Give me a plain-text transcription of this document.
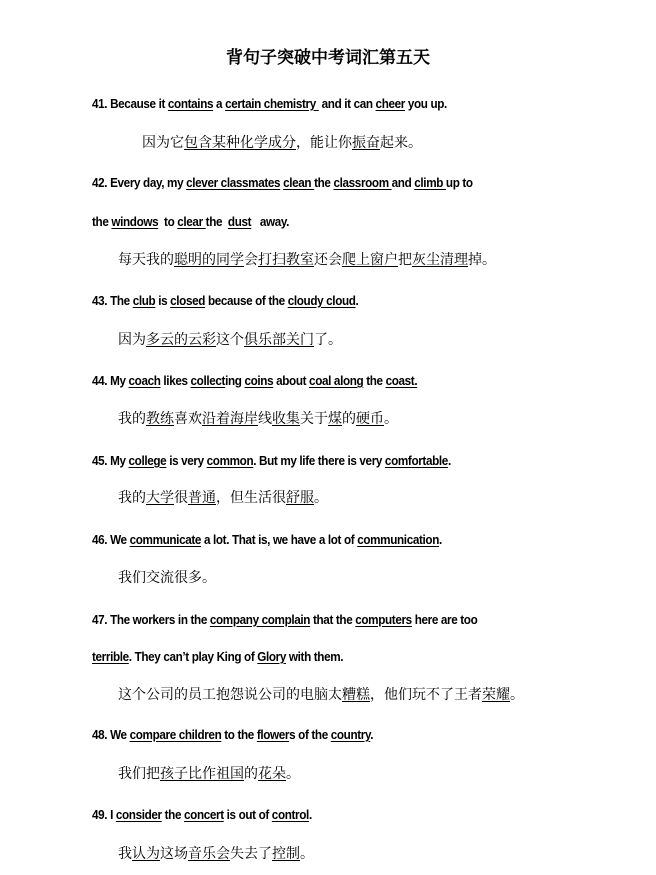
背句子突破中考词汇第五天
41. Because it contains a certain chemistry  and it can cheer you up.
因为它包含某种化学成分，能让你振奋起来。
42. Every day, my clever classmates clean the classroom and climb up to
the windows  to clear the  dust   away.
每天我的聪明的同学会打扫教室还会爬上窗户把灰尘清理掉。
43. The club is closed because of the cloudy cloud.
因为多云的云彩这个俱乐部关门了。
44. My coach likes collecting coins about coal along the coast.
我的教练喜欢沿着海岸线收集关于煤的硬币。
45. My college is very common. But my life there is very comfortable.
我的大学很普通，但生活很舒服。
46. We communicate a lot. That is, we have a lot of communication.
我们交流很多。
47. The workers in the company complain that the computers here are too
terrible. They can’t play King of Glory with them.
这个公司的员工抱怨说公司的电脑太糟糕，他们玩不了王者荣耀。
48. We compare children to the flowers of the country.
我们把孩子比作祖国的花朵。
49. I consider the concert is out of control.
我认为这场音乐会失去了控制。
